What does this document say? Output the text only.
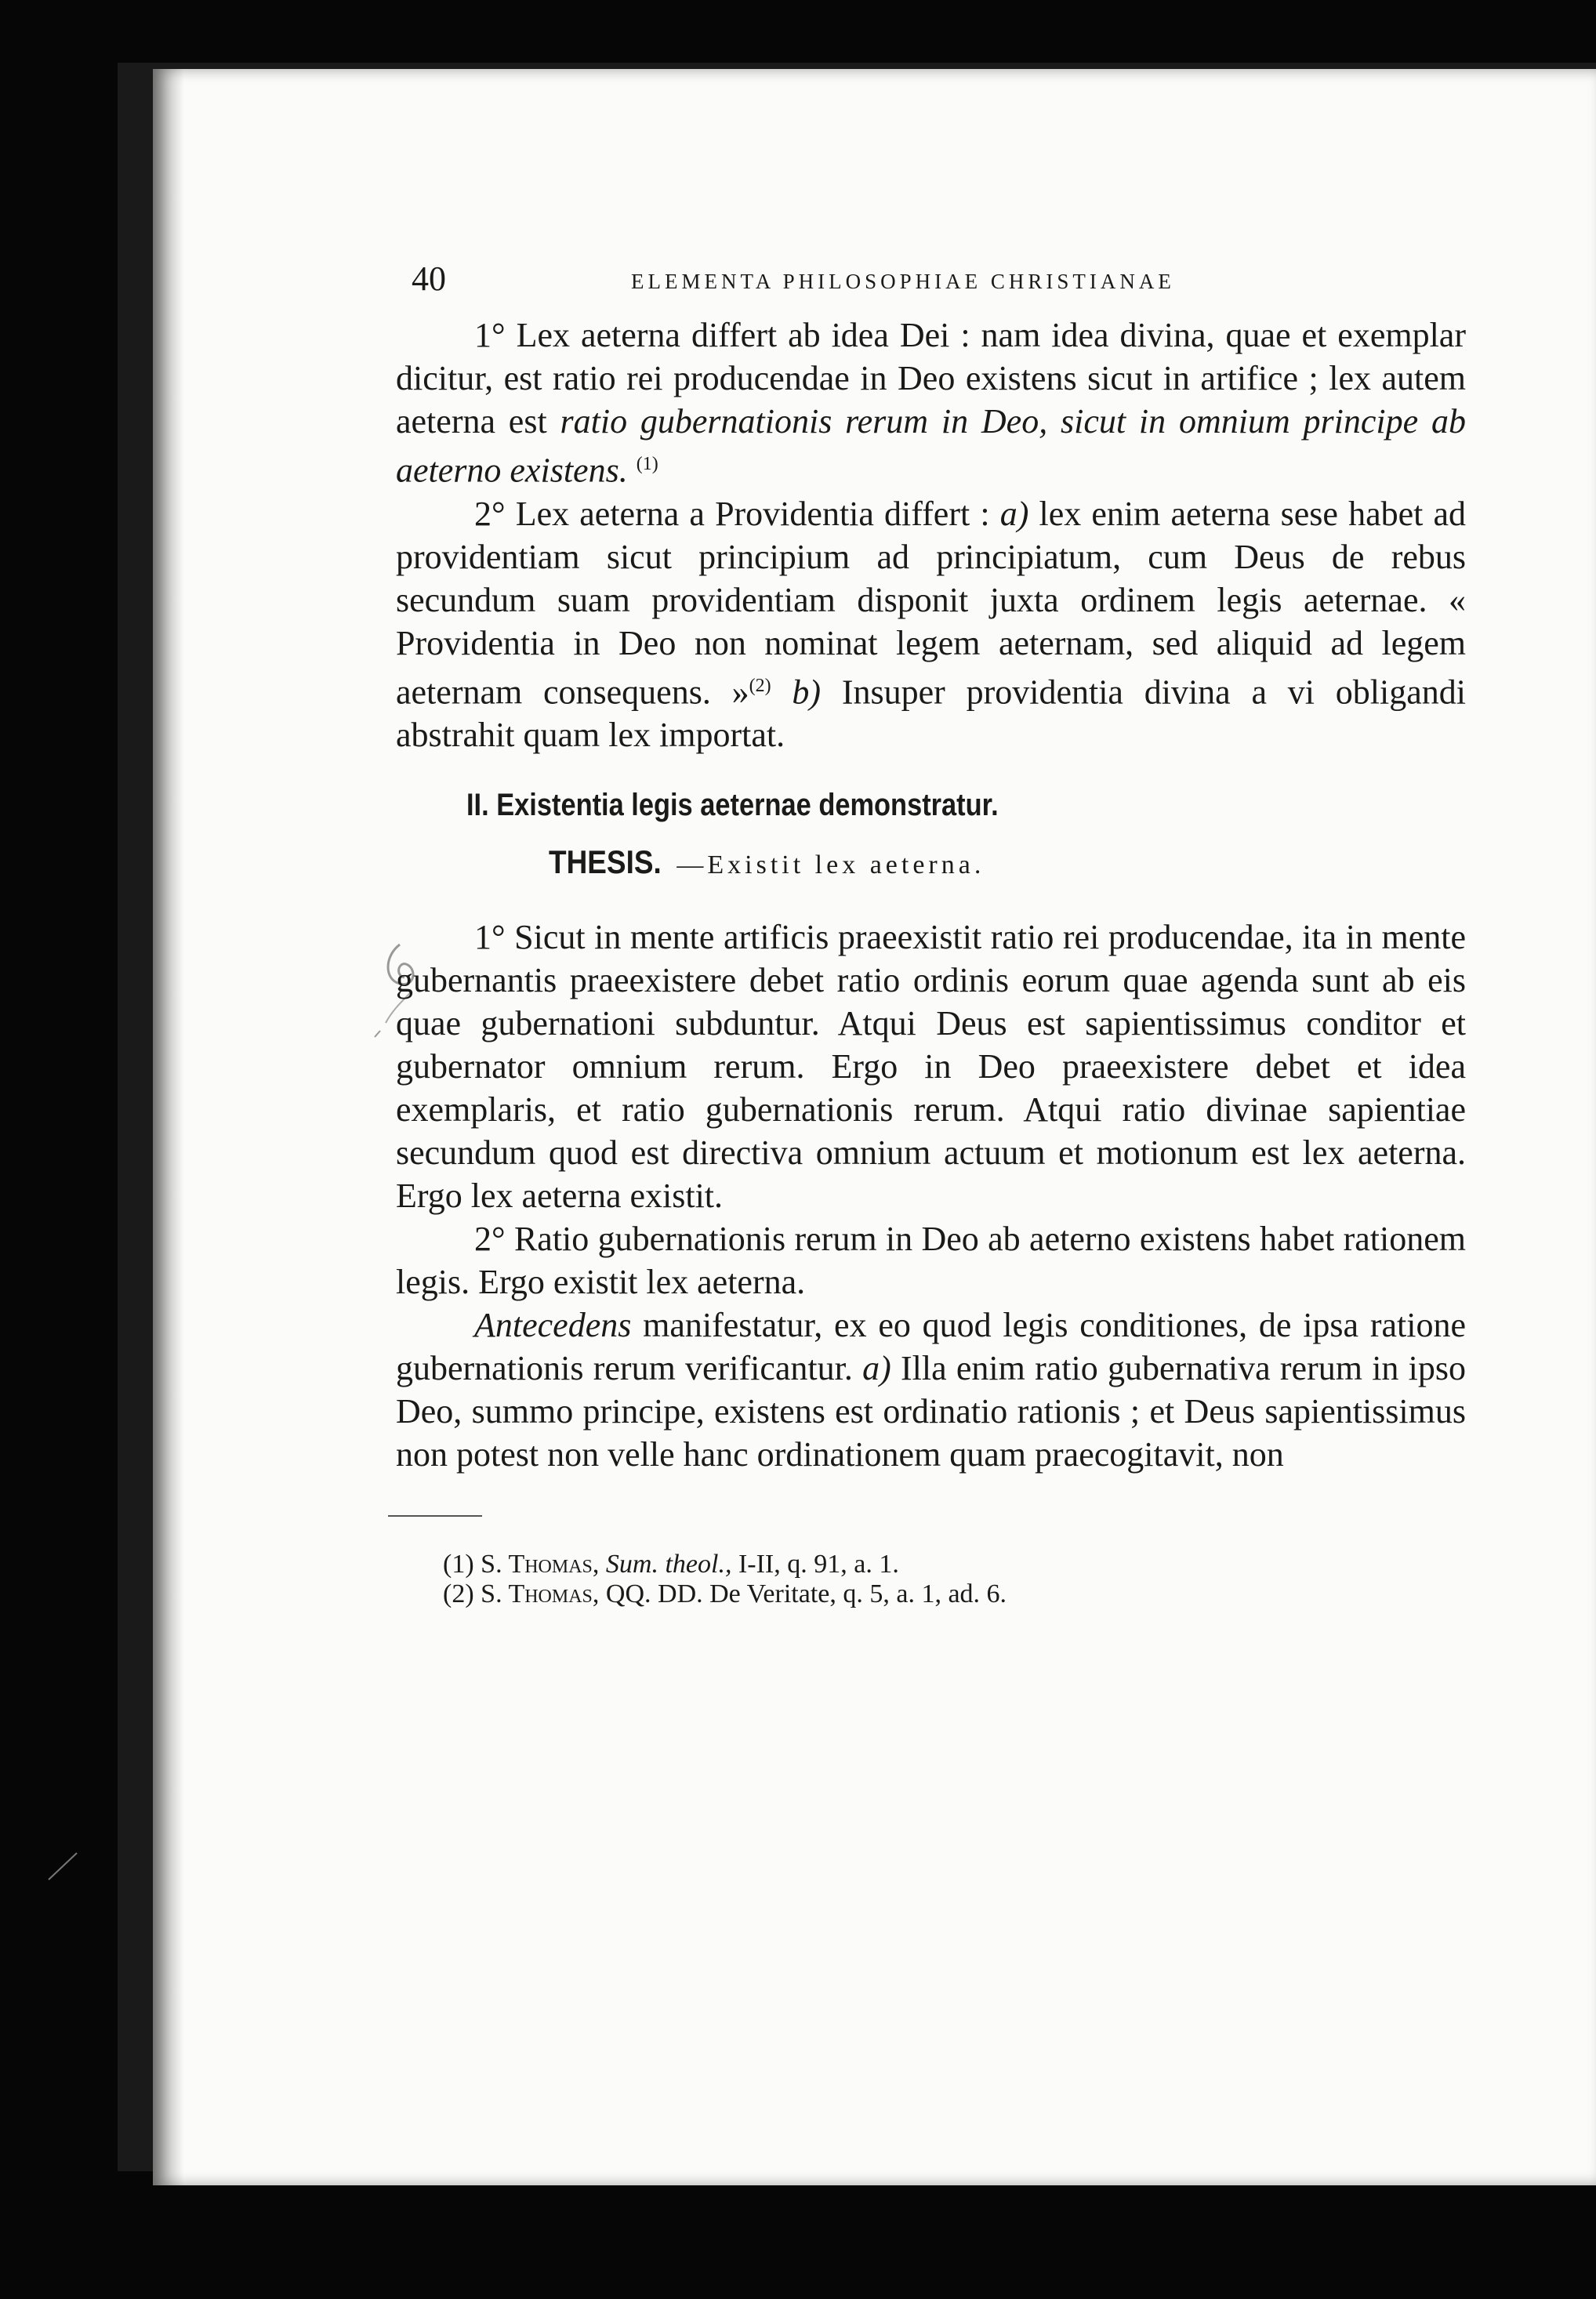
40	ELEMENTA PHILOSOPHIAE CHRISTIANAE

1° Lex aeterna differt ab idea Dei : nam idea divina, quae et exemplar dicitur, est ratio rei producendae in Deo existens sicut in artifice ; lex autem aeterna est ratio gubernationis rerum in Deo, sicut in omnium principe ab aeterno existens. $^{(1)}$

2° Lex aeterna a Providentia differt : a) lex enim aeterna sese habet ad providentiam sicut principium ad principiatum, cum Deus de rebus secundum suam providentiam disponit juxta ordinem legis aeternae. « Providentia in Deo non nominat legem aeternam, sed aliquid ad legem aeternam consequens. »$^{(2)}$ b) Insuper providentia divina a vi obligandi abstrahit quam lex importat.

II. Existentia legis aeternae demonstratur.
THESIS. —Existit lex aeterna.

1° Sicut in mente artificis praeexistit ratio rei producendae, ita in mente gubernantis praeexistere debet ratio ordinis eorum quae agenda sunt ab eis quae gubernationi subduntur. Atqui Deus est sapientissimus conditor et gubernator omnium rerum. Ergo in Deo praeexistere debet et idea exemplaris, et ratio gubernationis rerum. Atqui ratio divinae sapientiae secundum quod est directiva omnium actuum et motionum est lex aeterna. Ergo lex aeterna existit.

2° Ratio gubernationis rerum in Deo ab aeterno existens habet rationem legis. Ergo existit lex aeterna.

Antecedens manifestatur, ex eo quod legis conditiones, de ipsa ratione gubernationis rerum verificantur. a) Illa enim ratio gubernativa rerum in ipso Deo, summo principe, existens est ordinatio rationis ; et Deus sapientissimus non potest non velle hanc ordinationem quam praecogitavit, non

(1) S. Thomas, Sum. theol., I-II, q. 91, a. 1.

(2) S. Thomas, QQ. DD. De Veritate, q. 5, a. 1, ad. 6.
